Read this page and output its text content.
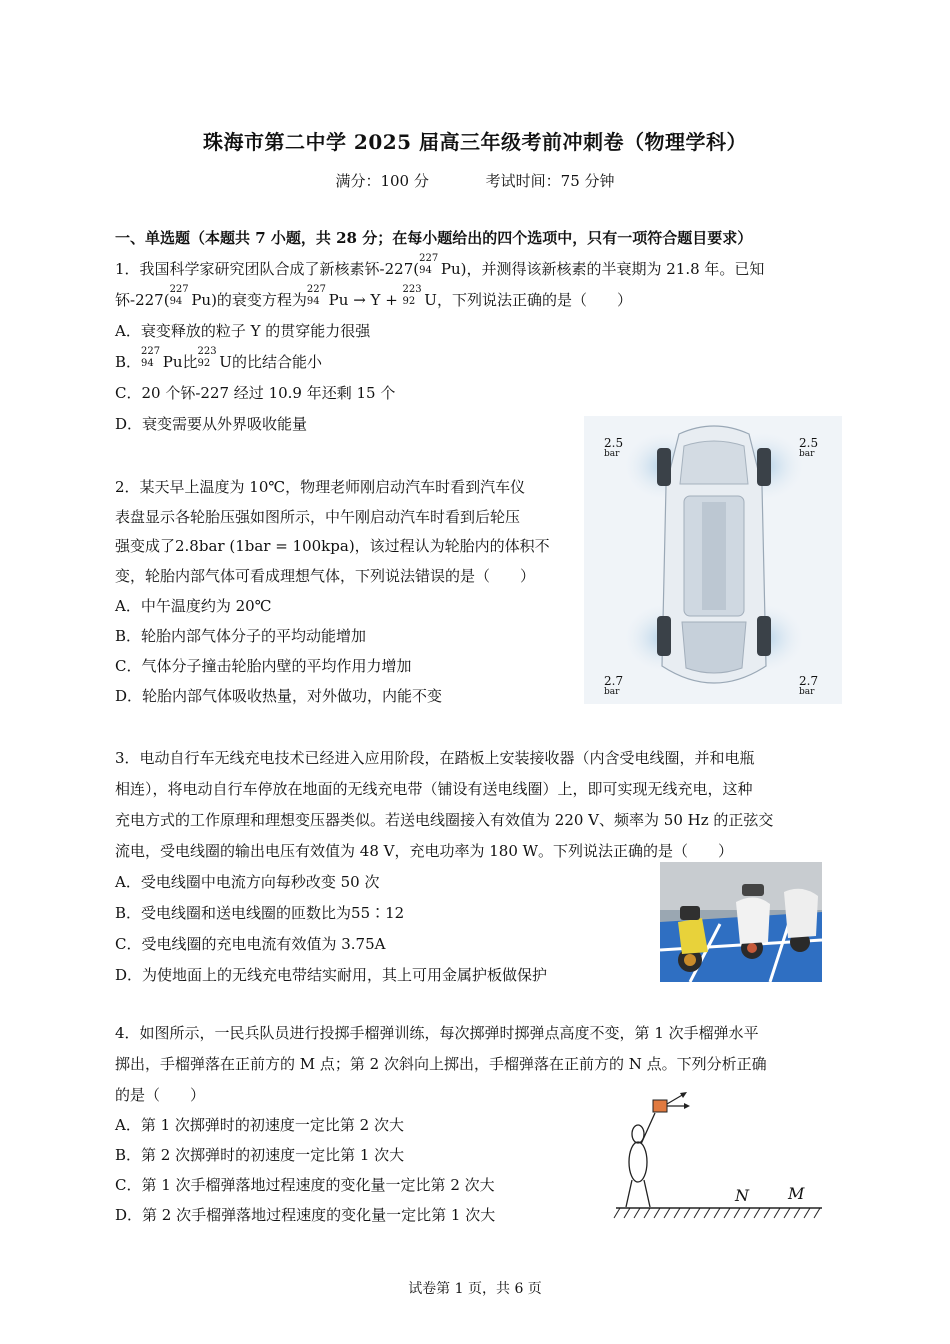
珠海市第二中学 2025 届高三年级考前冲刺卷（物理学科）
满分：100 分	考试时间：75 分钟
一、单选题（本题共 7 小题，共 28 分；在每小题给出的四个选项中，只有一项符合题目要求）
1．我国科学家研究团队合成了新核素钚-227(
227
94 Pu)，并测得该新核素的半衰期为 21.8 年。已知
钚-227(
227
94 Pu)的衰变方程为
227
94 Pu → Y +
223
92 U，下列说法正确的是（　　）
A．衰变释放的粒子 Y 的贯穿能力很强
B．
227
94 Pu比
223
92 U的比结合能小
C．20 个钚-227 经过 10.9 年还剩 15 个
D．衰变需要从外界吸收能量
2．某天早上温度为 10℃，物理老师刚启动汽车时看到汽车仪
表盘显示各轮胎压强如图所示，中午刚启动汽车时看到后轮压
强变成了2.8bar (1bar = 100kpa)，该过程认为轮胎内的体积不
变，轮胎内部气体可看成理想气体，下列说法错误的是（　　）
A．中午温度约为 20℃
B．轮胎内部气体分子的平均动能增加
C．气体分子撞击轮胎内壁的平均作用力增加
D．轮胎内部气体吸收热量，对外做功，内能不变
2.5
bar
2.5
bar
2.7
bar
2.7
bar
3．电动自行车无线充电技术已经进入应用阶段，在踏板上安装接收器（内含受电线圈，并和电瓶
相连），将电动自行车停放在地面的无线充电带（铺设有送电线圈）上，即可实现无线充电，这种
充电方式的工作原理和理想变压器类似。若送电线圈接入有效值为 220 V、频率为 50 Hz 的正弦交
流电，受电线圈的输出电压有效值为 48 V，充电功率为 180 W。下列说法正确的是（　　）
A．受电线圈中电流方向每秒改变 50 次
B．受电线圈和送电线圈的匝数比为55∶12
C．受电线圈的充电电流有效值为 3.75A
D．为使地面上的无线充电带结实耐用，其上可用金属护板做保护
4．如图所示，一民兵队员进行投掷手榴弹训练，每次掷弹时掷弹点高度不变，第 1 次手榴弹水平
掷出，手榴弹落在正前方的 M 点；第 2 次斜向上掷出，手榴弹落在正前方的 N 点。下列分析正确
的是（　　）
A．第 1 次掷弹时的初速度一定比第 2 次大
B．第 2 次掷弹时的初速度一定比第 1 次大
C．第 1 次手榴弹落地过程速度的变化量一定比第 2 次大
D．第 2 次手榴弹落地过程速度的变化量一定比第 1 次大
N M
试卷第 1 页，共 6 页
